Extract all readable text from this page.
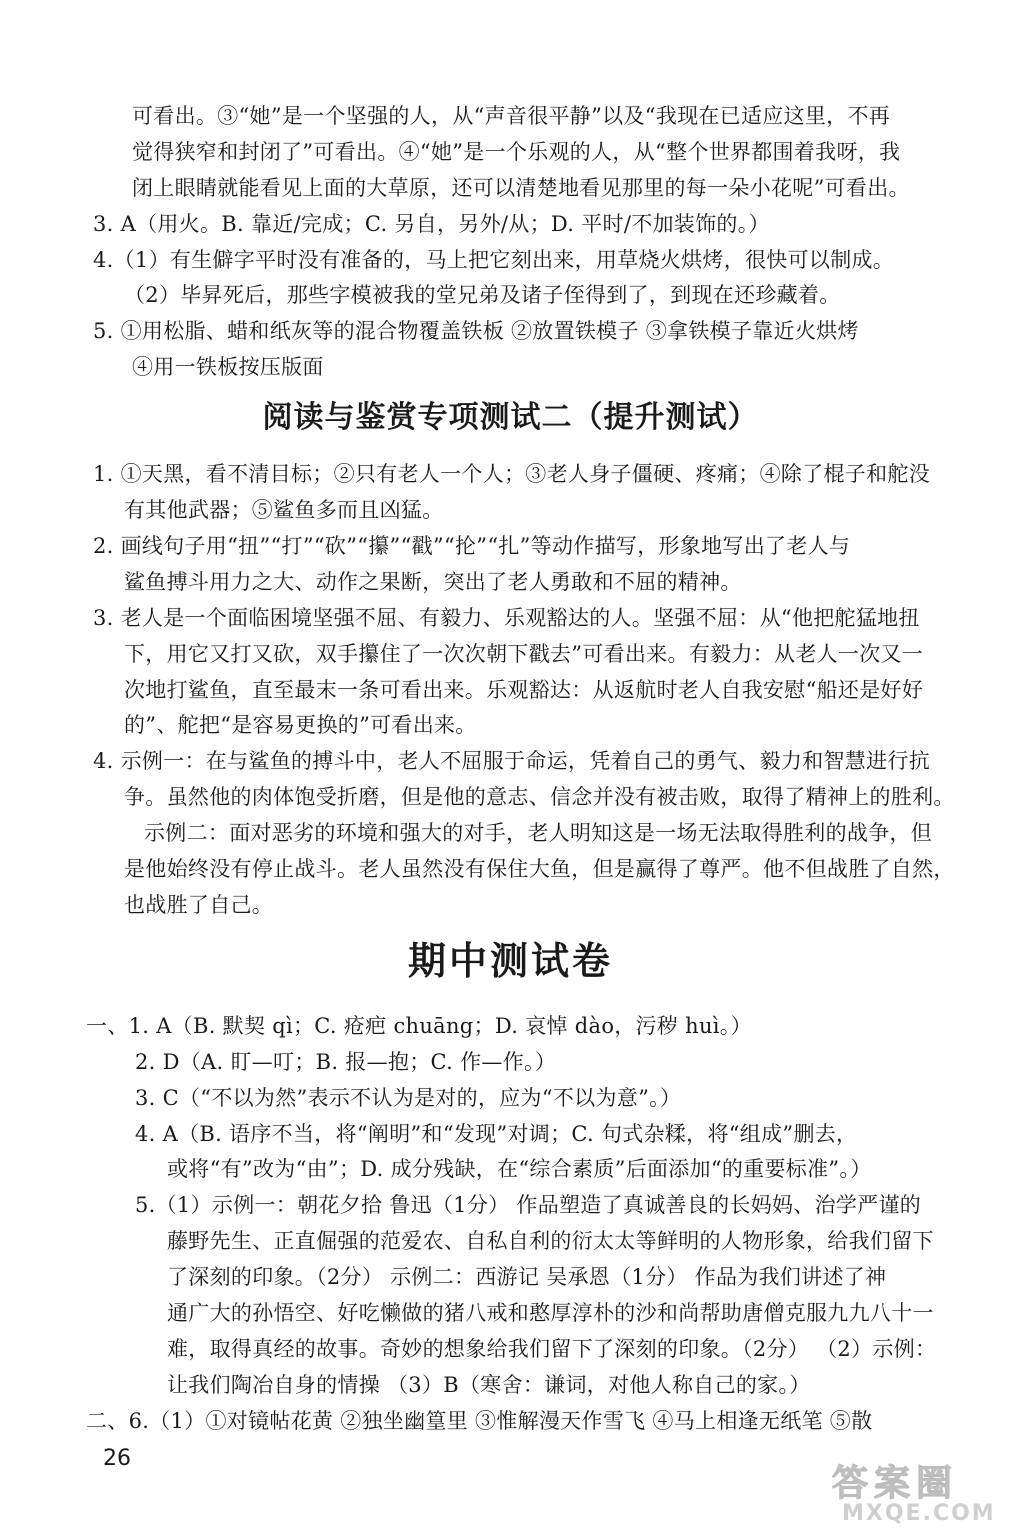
可看出。③“她”是一个坚强的人，从“声音很平静”以及“我现在已适应这里，不再
觉得狭窄和封闭了”可看出。④“她”是一个乐观的人，从“整个世界都围着我呀，我
闭上眼睛就能看见上面的大草原，还可以清楚地看见那里的每一朵小花呢”可看出。
3. A（用火。B. 靠近/完成；C. 另自，另外/从；D. 平时/不加装饰的。）
4.（1）有生僻字平时没有准备的，马上把它刻出来，用草烧火烘烤，很快可以制成。
（2）毕昇死后，那些字模被我的堂兄弟及诸子侄得到了，到现在还珍藏着。
5. ①用松脂、蜡和纸灰等的混合物覆盖铁板 ②放置铁模子 ③拿铁模子靠近火烘烤
④用一铁板按压版面
阅读与鉴赏专项测试二（提升测试）
1. ①天黑，看不清目标；②只有老人一个人；③老人身子僵硬、疼痛；④除了棍子和舵没
有其他武器；⑤鲨鱼多而且凶猛。
2. 画线句子用“扭”“打”“砍”“攥”“戳”“抡”“扎”等动作描写，形象地写出了老人与
鲨鱼搏斗用力之大、动作之果断，突出了老人勇敢和不屈的精神。
3. 老人是一个面临困境坚强不屈、有毅力、乐观豁达的人。坚强不屈：从“他把舵猛地扭
下，用它又打又砍，双手攥住了一次次朝下戳去”可看出来。有毅力：从老人一次又一
次地打鲨鱼，直至最末一条可看出来。乐观豁达：从返航时老人自我安慰“船还是好好
的”、舵把“是容易更换的”可看出来。
4. 示例一：在与鲨鱼的搏斗中，老人不屈服于命运，凭着自己的勇气、毅力和智慧进行抗
争。虽然他的肉体饱受折磨，但是他的意志、信念并没有被击败，取得了精神上的胜利。
示例二：面对恶劣的环境和强大的对手，老人明知这是一场无法取得胜利的战争，但
是他始终没有停止战斗。老人虽然没有保住大鱼，但是赢得了尊严。他不但战胜了自然，
也战胜了自己。
期中测试卷
一、1. A（B. 默契 qì；C. 疮疤 chuāng；D. 哀悼 dào，污秽 huì。）
2. D（A. 盯—叮；B. 报—抱；C. 作—作。）
3. C（“不以为然”表示不认为是对的，应为“不以为意”。）
4. A（B. 语序不当，将“阐明”和“发现”对调；C. 句式杂糅，将“组成”删去，
或将“有”改为“由”；D. 成分残缺，在“综合素质”后面添加“的重要标准”。）
5.（1）示例一：朝花夕拾 鲁迅（1分） 作品塑造了真诚善良的长妈妈、治学严谨的
藤野先生、正直倔强的范爱农、自私自利的衍太太等鲜明的人物形象，给我们留下
了深刻的印象。（2分） 示例二：西游记 吴承恩（1分） 作品为我们讲述了神
通广大的孙悟空、好吃懒做的猪八戒和憨厚淳朴的沙和尚帮助唐僧克服九九八十一
难，取得真经的故事。奇妙的想象给我们留下了深刻的印象。（2分） （2）示例：
让我们陶冶自身的情操 （3）B（寒舍：谦词，对他人称自己的家。）
二、6.（1）①对镜帖花黄 ②独坐幽篁里 ③惟解漫天作雪飞 ④马上相逢无纸笔 ⑤散
26
答案圈
MXQE.COM
